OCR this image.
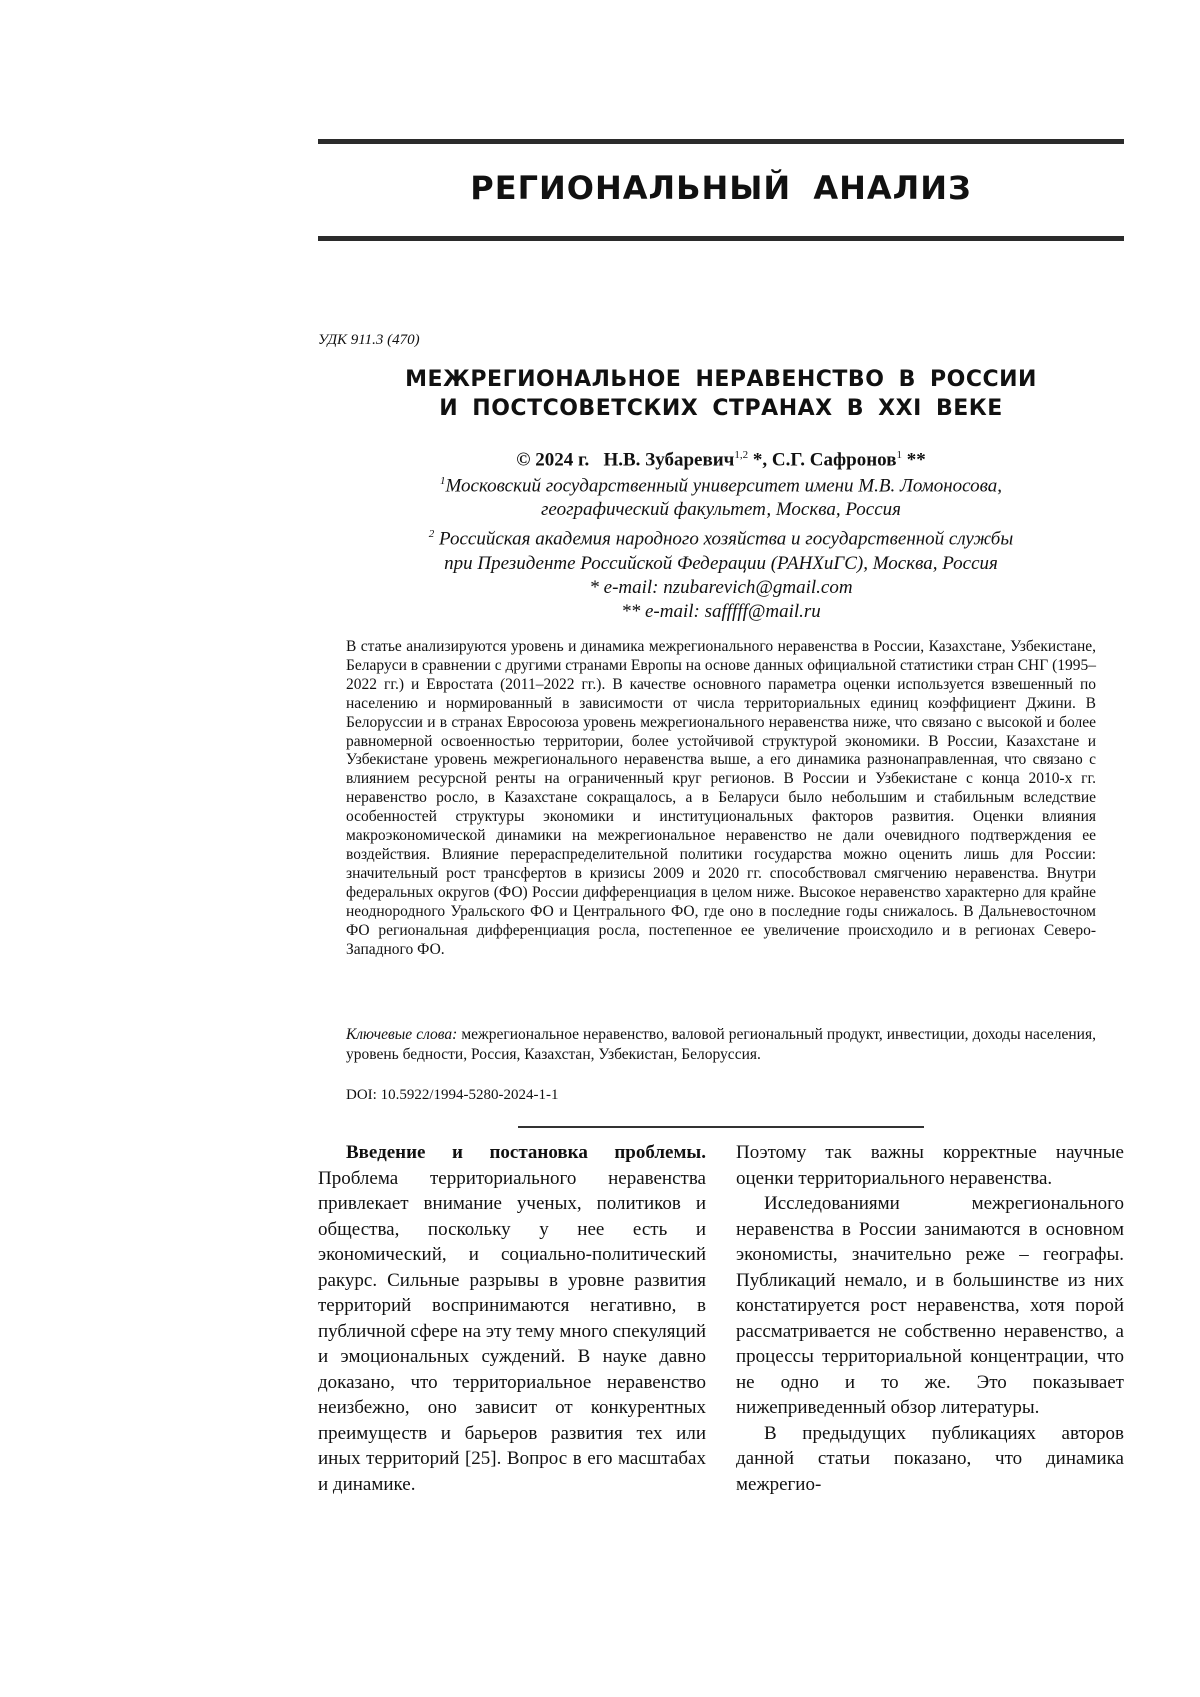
РЕГИОНАЛЬНЫЙ АНАЛИЗ
УДК 911.3 (470)
МЕЖРЕГИОНАЛЬНОЕ НЕРАВЕНСТВО В РОССИИ
И ПОСТСОВЕТСКИХ СТРАНАХ В XXI ВЕКЕ
© 2024 г. Н.В. Зубаревич$^{1,2}$ *, С.Г. Сафронов$^1$ **
$^1$Московский государственный университет имени М.В. Ломоносова,
географический факультет, Москва, Россия
$^2$ Российская академия народного хозяйства и государственной службы
при Президенте Российской Федерации (РАНХиГС), Москва, Россия
* e-mail: nzubarevich@gmail.com
** e-mail: safffff@mail.ru

В статье анализируются уровень и динамика межрегионального неравенства в России, Казахстане, Узбекистане, Беларуси в сравнении с другими странами Европы на основе данных официальной статистики стран СНГ (1995–2022 гг.) и Евростата (2011–2022 гг.). В качестве основного параметра оценки используется взвешенный по населению и нормированный в зависимости от числа территориальных единиц коэффициент Джини. В Белоруссии и в странах Евросоюза уровень межрегионального неравенства ниже, что связано с высокой и более равномерной освоенностью территории, более устойчивой структурой экономики. В России, Казахстане и Узбекистане уровень межрегионального неравенства выше, а его динамика разнонаправленная, что связано с влиянием ресурсной ренты на ограниченный круг регионов. В России и Узбекистане с конца 2010-х гг. неравенство росло, в Казахстане сокращалось, а в Беларуси было небольшим и стабильным вследствие особенностей структуры экономики и институциональных факторов развития. Оценки влияния макроэкономической динамики на межрегиональное неравенство не дали очевидного подтверждения ее воздействия. Влияние перераспределительной политики государства можно оценить лишь для России: значительный рост трансфертов в кризисы 2009 и 2020 гг. способствовал смягчению неравенства. Внутри федеральных округов (ФО) России дифференциация в целом ниже. Высокое неравенство характерно для крайне неоднородного Уральского ФО и Центрального ФО, где оно в последние годы снижалось. В Дальневосточном ФО региональная дифференциация росла, постепенное ее увеличение происходило и в регионах Северо-Западного ФО.

Ключевые слова: межрегиональное неравенство, валовой региональный продукт, инвестиции, доходы населения, уровень бедности, Россия, Казахстан, Узбекистан, Белоруссия.

DOI: 10.5922/1994-5280-2024-1-1

Введение и постановка проблемы. Проблема территориального неравенства привлекает внимание ученых, политиков и общества, поскольку у нее есть и экономический, и социально-политический ракурс. Сильные разрывы в уровне развития территорий воспринимаются негативно, в публичной сфере на эту тему много спекуляций и эмоциональных суждений. В науке давно доказано, что территориальное неравенство неизбежно, оно зависит от конкурентных преимуществ и барьеров развития тех или иных территорий [25]. Вопрос в его масштабах и динамике.

Поэтому так важны корректные научные оценки территориального неравенства.

Исследованиями межрегионального неравенства в России занимаются в основном экономисты, значительно реже – географы. Публикаций немало, и в большинстве из них констатируется рост неравенства, хотя порой рассматривается не собственно неравенство, а процессы территориальной концентрации, что не одно и то же. Это показывает нижеприведенный обзор литературы.

В предыдущих публикациях авторов данной статьи показано, что динамика межрегио-
